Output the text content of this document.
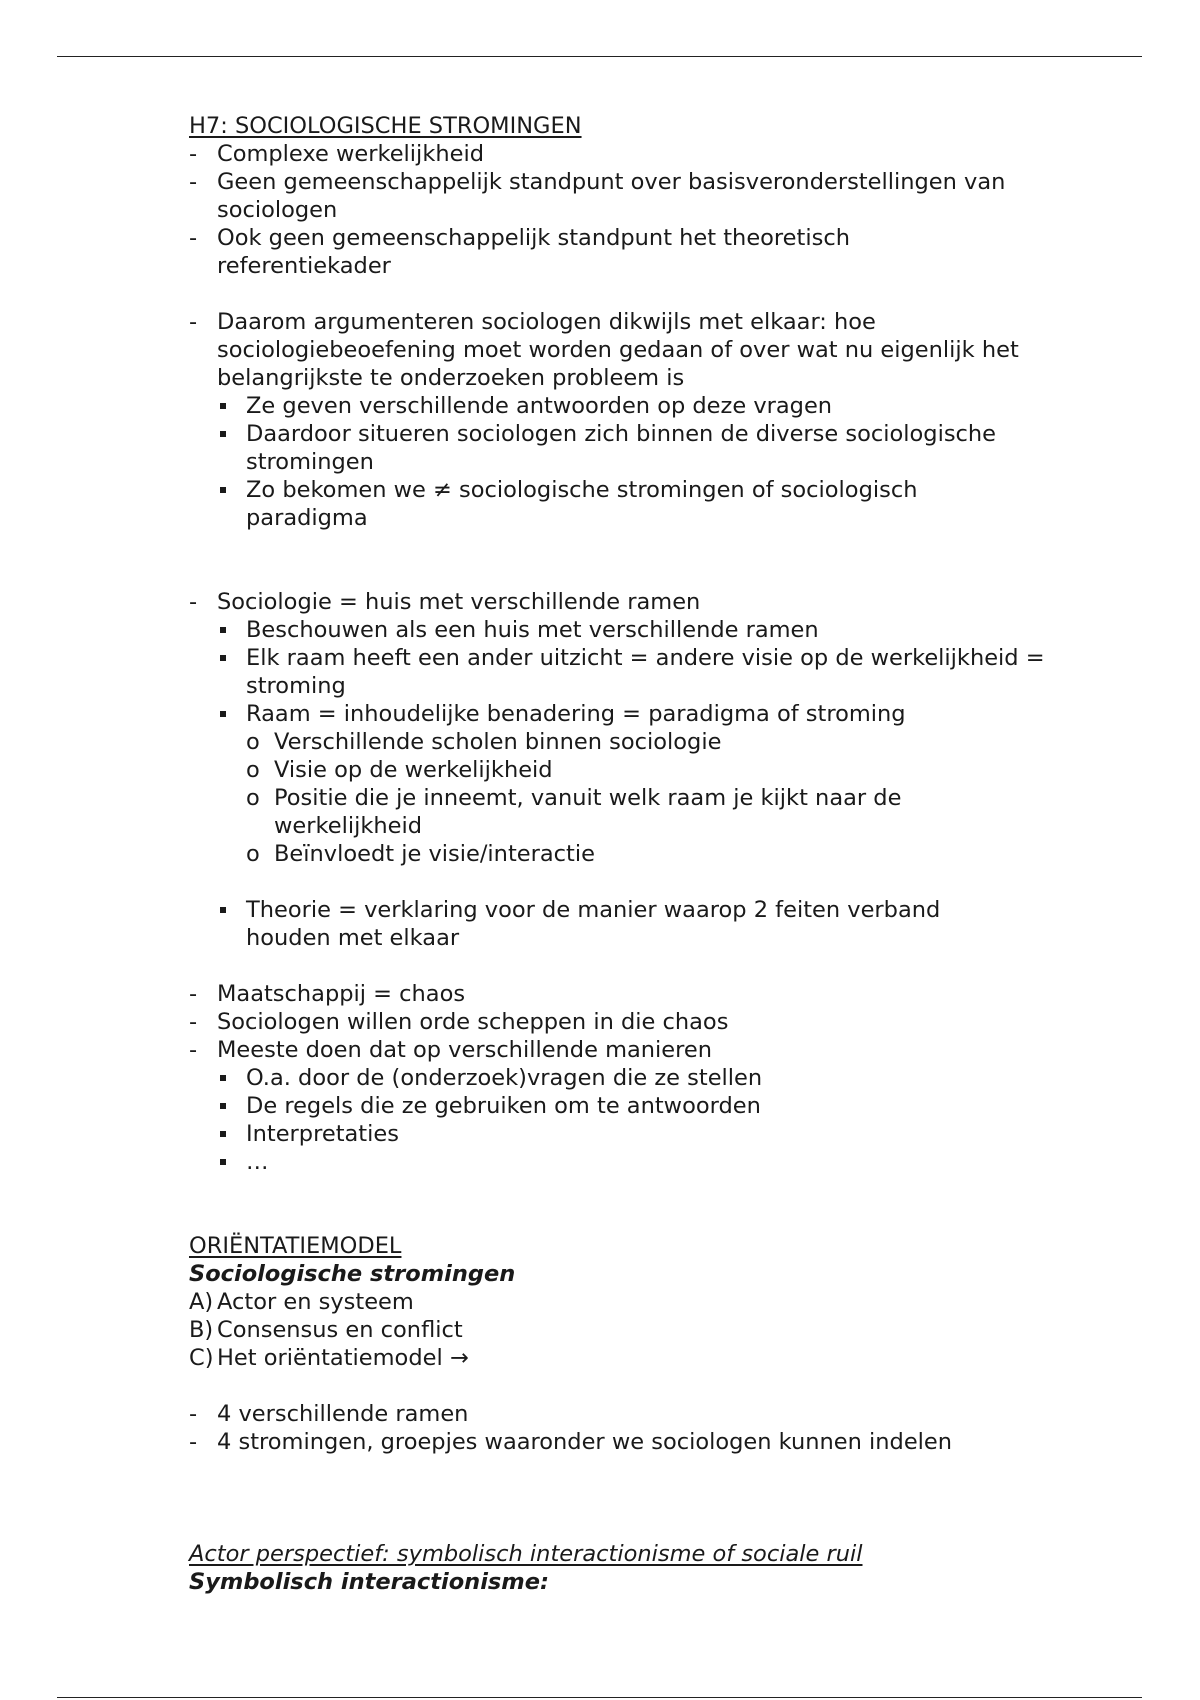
H7: SOCIOLOGISCHE STROMINGEN
- Complexe werkelijkheid
- Geen gemeenschappelijk standpunt over basisveronderstellingen van sociologen
- Ook geen gemeenschappelijk standpunt het theoretisch referentiekader
- Daarom argumenteren sociologen dikwijls met elkaar: hoe sociologiebeoefening moet worden gedaan of over wat nu eigenlijk het belangrijkste te onderzoeken probleem is
Ze geven verschillende antwoorden op deze vragen
Daardoor situeren sociologen zich binnen de diverse sociologische stromingen
Zo bekomen we ≠ sociologische stromingen of sociologisch paradigma
- Sociologie = huis met verschillende ramen
Beschouwen als een huis met verschillende ramen
Elk raam heeft een ander uitzicht = andere visie op de werkelijkheid = stroming
Raam = inhoudelijke benadering = paradigma of stroming
o Verschillende scholen binnen sociologie
o Visie op de werkelijkheid
o Positie die je inneemt, vanuit welk raam je kijkt naar de werkelijkheid
o Beïnvloedt je visie/interactie
Theorie = verklaring voor de manier waarop 2 feiten verband houden met elkaar
- Maatschappij = chaos
- Sociologen willen orde scheppen in die chaos
- Meeste doen dat op verschillende manieren
O.a. door de (onderzoek)vragen die ze stellen
De regels die ze gebruiken om te antwoorden
Interpretaties
…
ORIËNTATIEMODEL
Sociologische stromingen
A) Actor en systeem
B) Consensus en conflict
C) Het oriëntatiemodel →
- 4 verschillende ramen
- 4 stromingen, groepjes waaronder we sociologen kunnen indelen
Actor perspectief: symbolisch interactionisme of sociale ruil
Symbolisch interactionisme:
